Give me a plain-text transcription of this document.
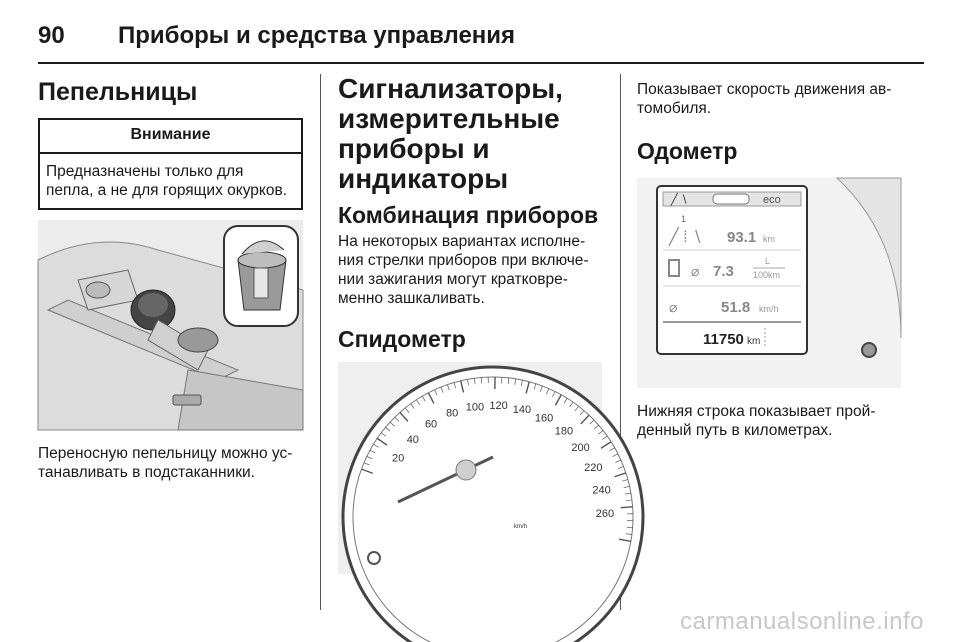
90	Приборы и средства управления
Пепельницы
Внимание
Предназначены только для пепла, а не для горящих окурков.

Переносную пепельницу можно устанавливать в подстаканники.

Сигнализаторы, измерительные приборы и индикаторы
Комбинация приборов

На некоторых вариантах исполнения стрелки приборов при включении зажигания могут кратковременно зашкаливать.

Спидометр
20
40
60
80
100 120 140
160
180
200
220
240
260
km/h

Показывает скорость движения автомобиля.

Одометр
╱ ∖	eco
1
╱ ⁞ ∖ 93.1 km
⌀ 7.3
L
100km
⌀	51.8 km/h
11750 km

Нижняя строка показывает пройденный путь в километрах.

carmanualsonline.info
